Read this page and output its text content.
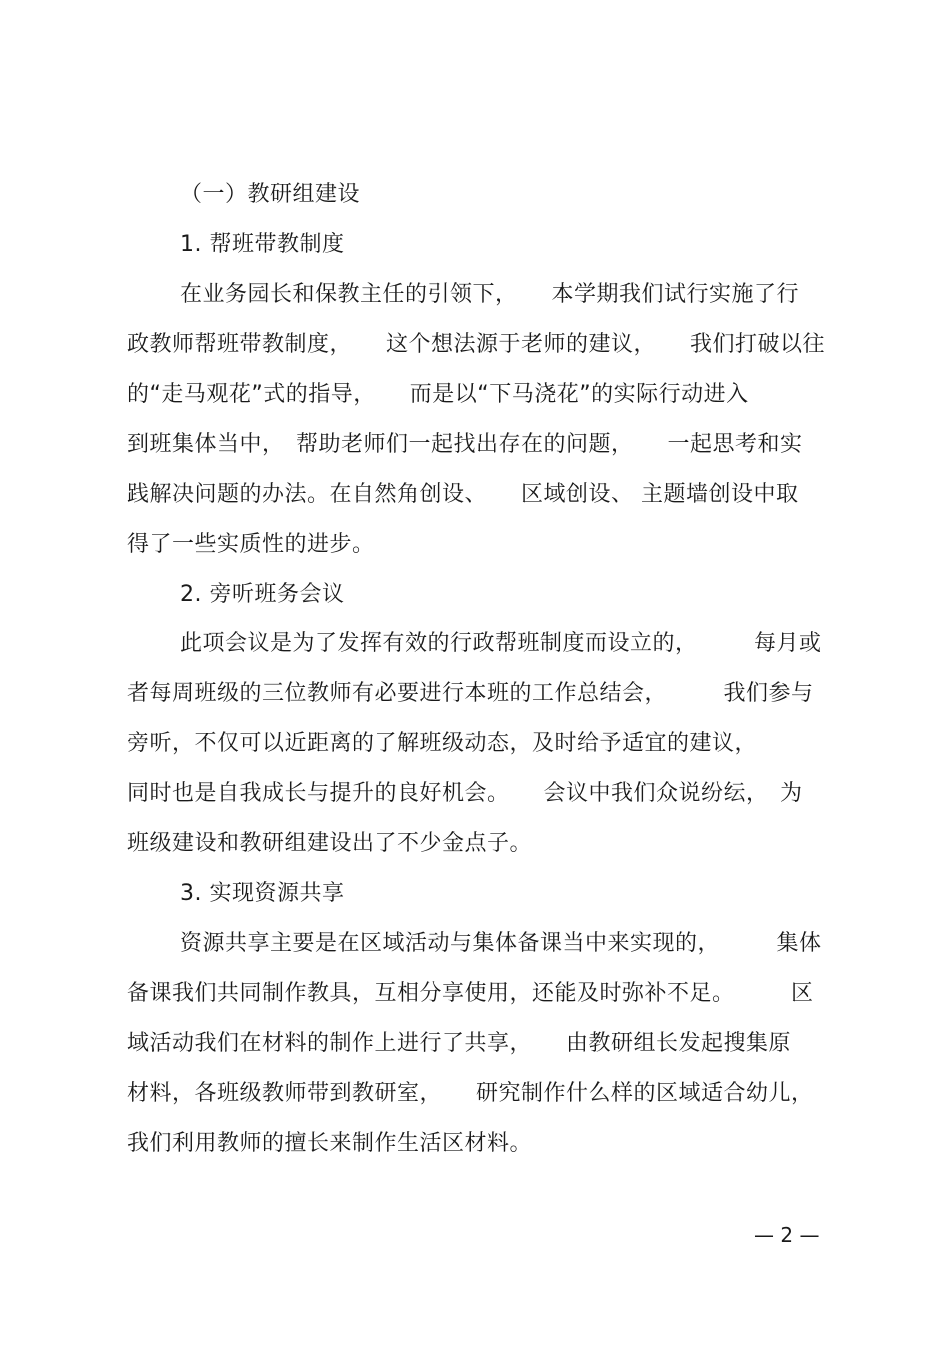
（一）教研组建设
1. 帮班带教制度
在业务园长和保教主任的引领下，　　本学期我们试行实施了行
政教师帮班带教制度，　　这个想法源于老师的建议，　　我们打破以往
的“走马观花”式的指导，　　而是以“下马浇花”的实际行动进入
到班集体当中，　帮助老师们一起找出存在的问题，　　一起思考和实
践解决问题的办法。在自然角创设、　　区域创设、 主题墙创设中取
得了一些实质性的进步。
2. 旁听班务会议
此项会议是为了发挥有效的行政帮班制度而设立的，　　　每月或
者每周班级的三位教师有必要进行本班的工作总结会，　　　我们参与
旁听，不仅可以近距离的了解班级动态，及时给予适宜的建议，
同时也是自我成长与提升的良好机会。　　会议中我们众说纷纭，　为
班级建设和教研组建设出了不少金点子。
3. 实现资源共享
资源共享主要是在区域活动与集体备课当中来实现的，　　　集体
备课我们共同制作教具，互相分享使用，还能及时弥补不足。　　　区
域活动我们在材料的制作上进行了共享，　　由教研组长发起搜集原
材料，各班级教师带到教研室，　　研究制作什么样的区域适合幼儿，
我们利用教师的擅长来制作生活区材料。
— 2 —
